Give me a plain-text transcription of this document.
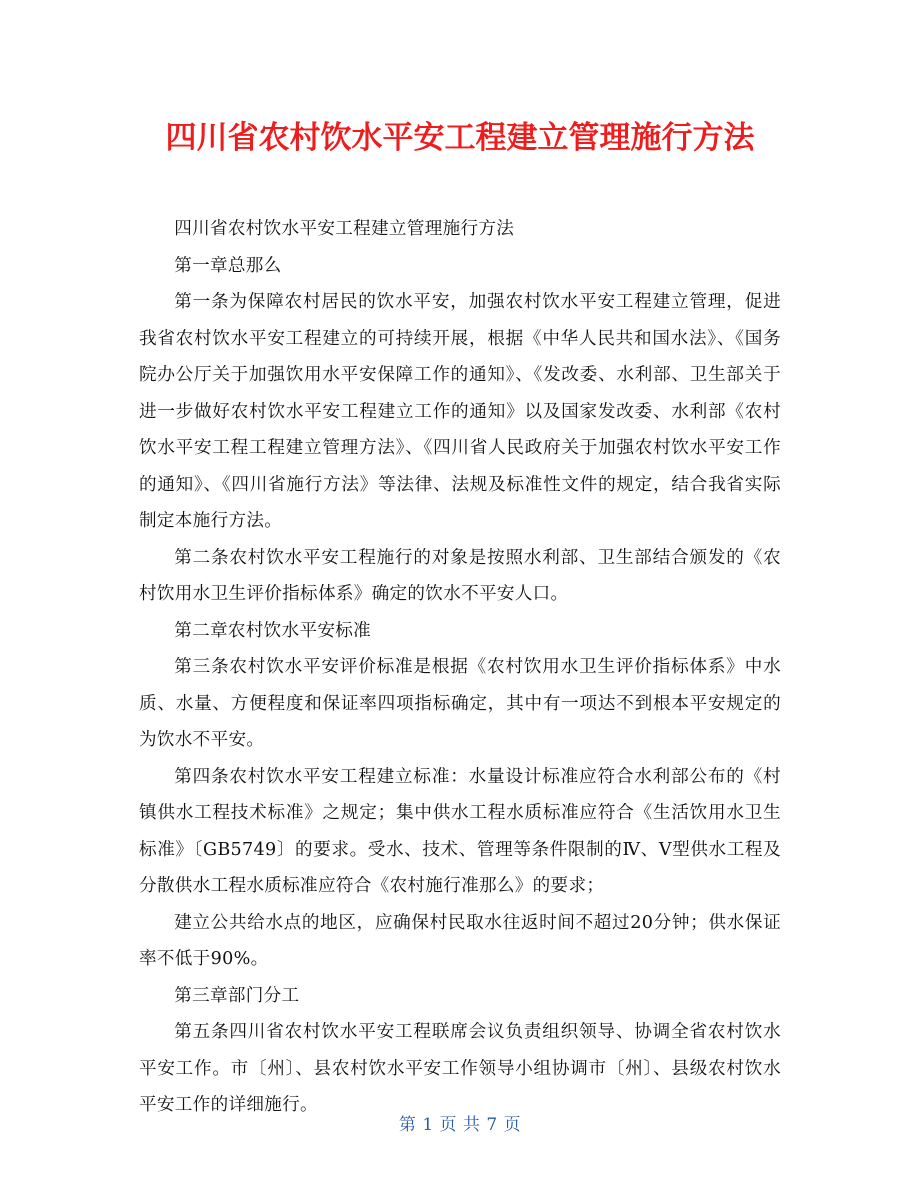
四川省农村饮水平安工程建立管理施行方法

四川省农村饮水平安工程建立管理施行方法

第一章总那么

第一条为保障农村居民的饮水平安，加强农村饮水平安工程建立管理，促进我省农村饮水平安工程建立的可持续开展，根据《中华人民共和国水法》、《国务院办公厅关于加强饮用水平安保障工作的通知》、《发改委、水利部、卫生部关于进一步做好农村饮水平安工程建立工作的通知》以及国家发改委、水利部《农村饮水平安工程工程建立管理方法》、《四川省人民政府关于加强农村饮水平安工作的通知》、《四川省施行方法》等法律、法规及标准性文件的规定，结合我省实际制定本施行方法。

第二条农村饮水平安工程施行的对象是按照水利部、卫生部结合颁发的《农村饮用水卫生评价指标体系》确定的饮水不平安人口。

第二章农村饮水平安标准

第三条农村饮水平安评价标准是根据《农村饮用水卫生评价指标体系》中水质、水量、方便程度和保证率四项指标确定，其中有一项达不到根本平安规定的为饮水不平安。

第四条农村饮水平安工程建立标准：水量设计标准应符合水利部公布的《村镇供水工程技术标准》之规定；集中供水工程水质标准应符合《生活饮用水卫生标准》〔GB5749〕的要求。受水、技术、管理等条件限制的Ⅳ、Ⅴ型供水工程及分散供水工程水质标准应符合《农村施行准那么》的要求；

建立公共给水点的地区，应确保村民取水往返时间不超过20分钟；供水保证率不低于90%。

第三章部门分工

第五条四川省农村饮水平安工程联席会议负责组织领导、协调全省农村饮水平安工作。市〔州〕、县农村饮水平安工作领导小组协调市〔州〕、县级农村饮水平安工作的详细施行。

第 1 页 共 7 页
